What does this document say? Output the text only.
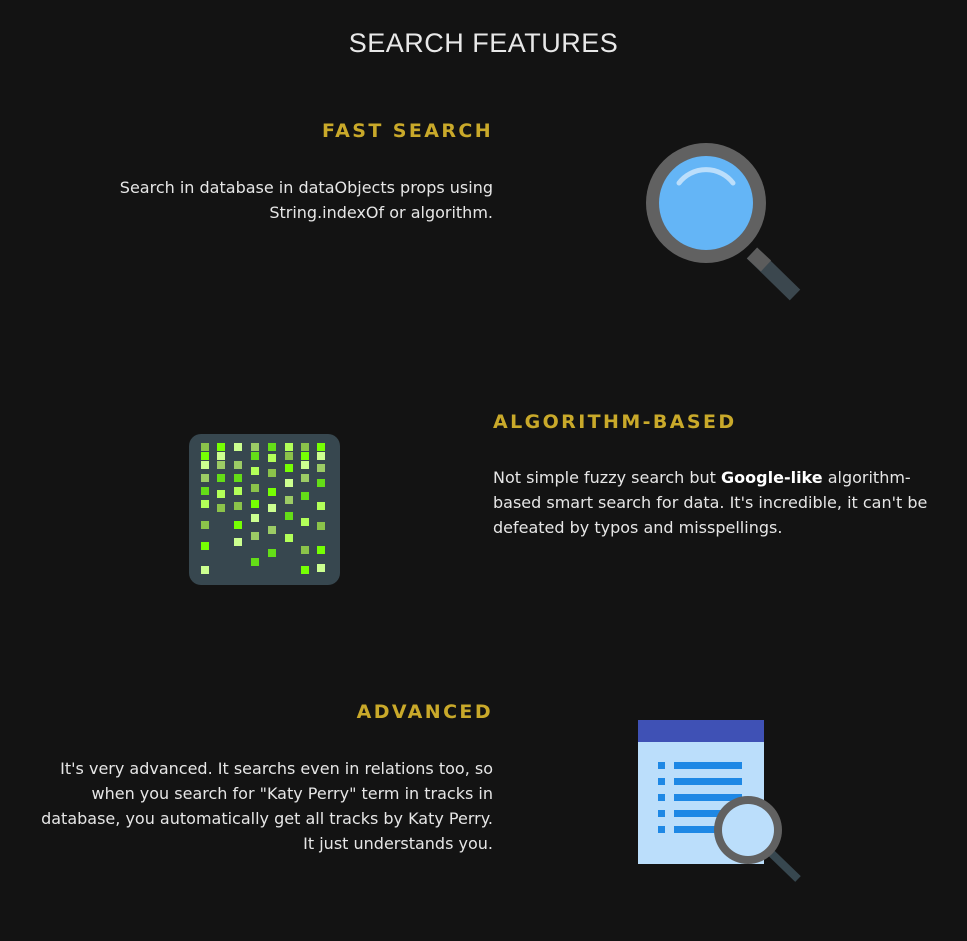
SEARCH FEATURES
FAST SEARCH
Search in database in dataObjects props using String.indexOf or algorithm.
ALGORITHM-BASED
Not simple fuzzy search but Google-like algorithm-based smart search for data. It's incredible, it can't be defeated by typos and misspellings.
ADVANCED
It's very advanced. It searchs even in relations too, so when you search for "Katy Perry" term in tracks in database, you automatically get all tracks by Katy Perry. It just understands you.
